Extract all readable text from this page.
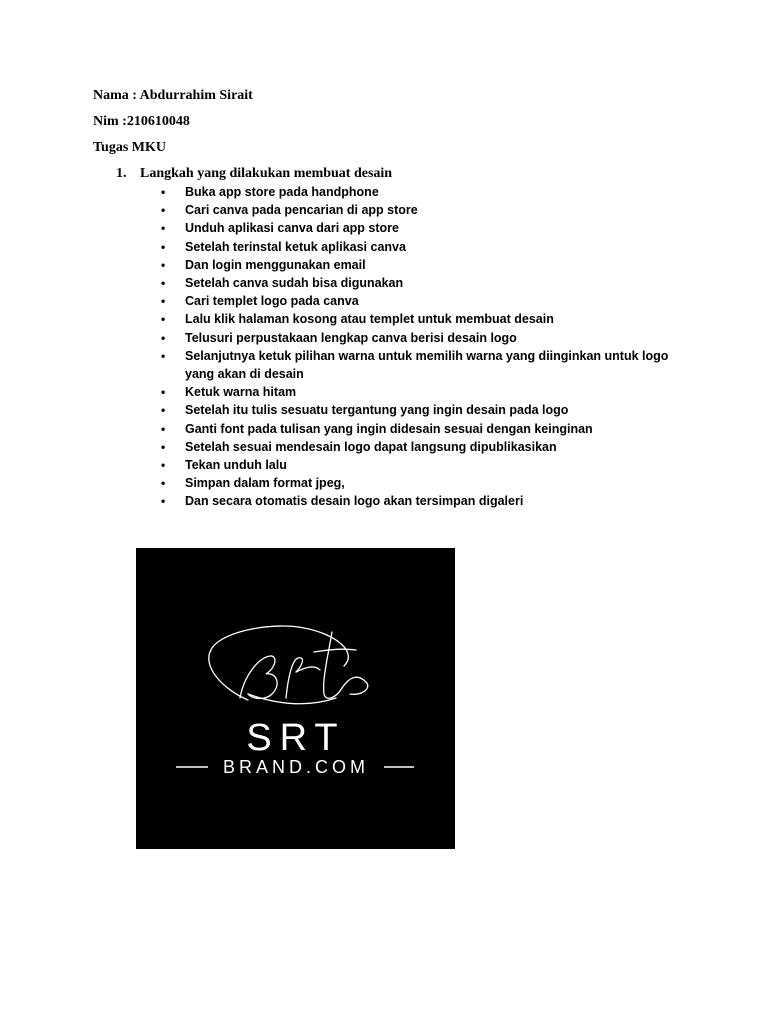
Nama : Abdurrahim Sirait
Nim :210610048
Tugas MKU
1. Langkah yang dilakukan membuat desain
• Buka app store pada handphone
• Cari canva pada pencarian di app store
• Unduh aplikasi canva dari app store
• Setelah terinstal ketuk aplikasi canva
• Dan login menggunakan email
• Setelah canva sudah bisa digunakan
• Cari templet logo pada canva
• Lalu klik halaman kosong atau templet untuk membuat desain
• Telusuri perpustakaan lengkap canva berisi desain logo
• Selanjutnya ketuk pilihan warna untuk memilih warna yang diinginkan untuk logo yang akan di desain
• Ketuk warna hitam
• Setelah itu tulis sesuatu tergantung yang ingin desain pada logo
• Ganti font pada tulisan yang ingin didesain sesuai dengan keinginan
• Setelah sesuai mendesain logo dapat langsung dipublikasikan
• Tekan unduh lalu
• Simpan dalam format jpeg,
• Dan secara otomatis desain logo akan tersimpan digaleri
SRT
BRAND.COM
